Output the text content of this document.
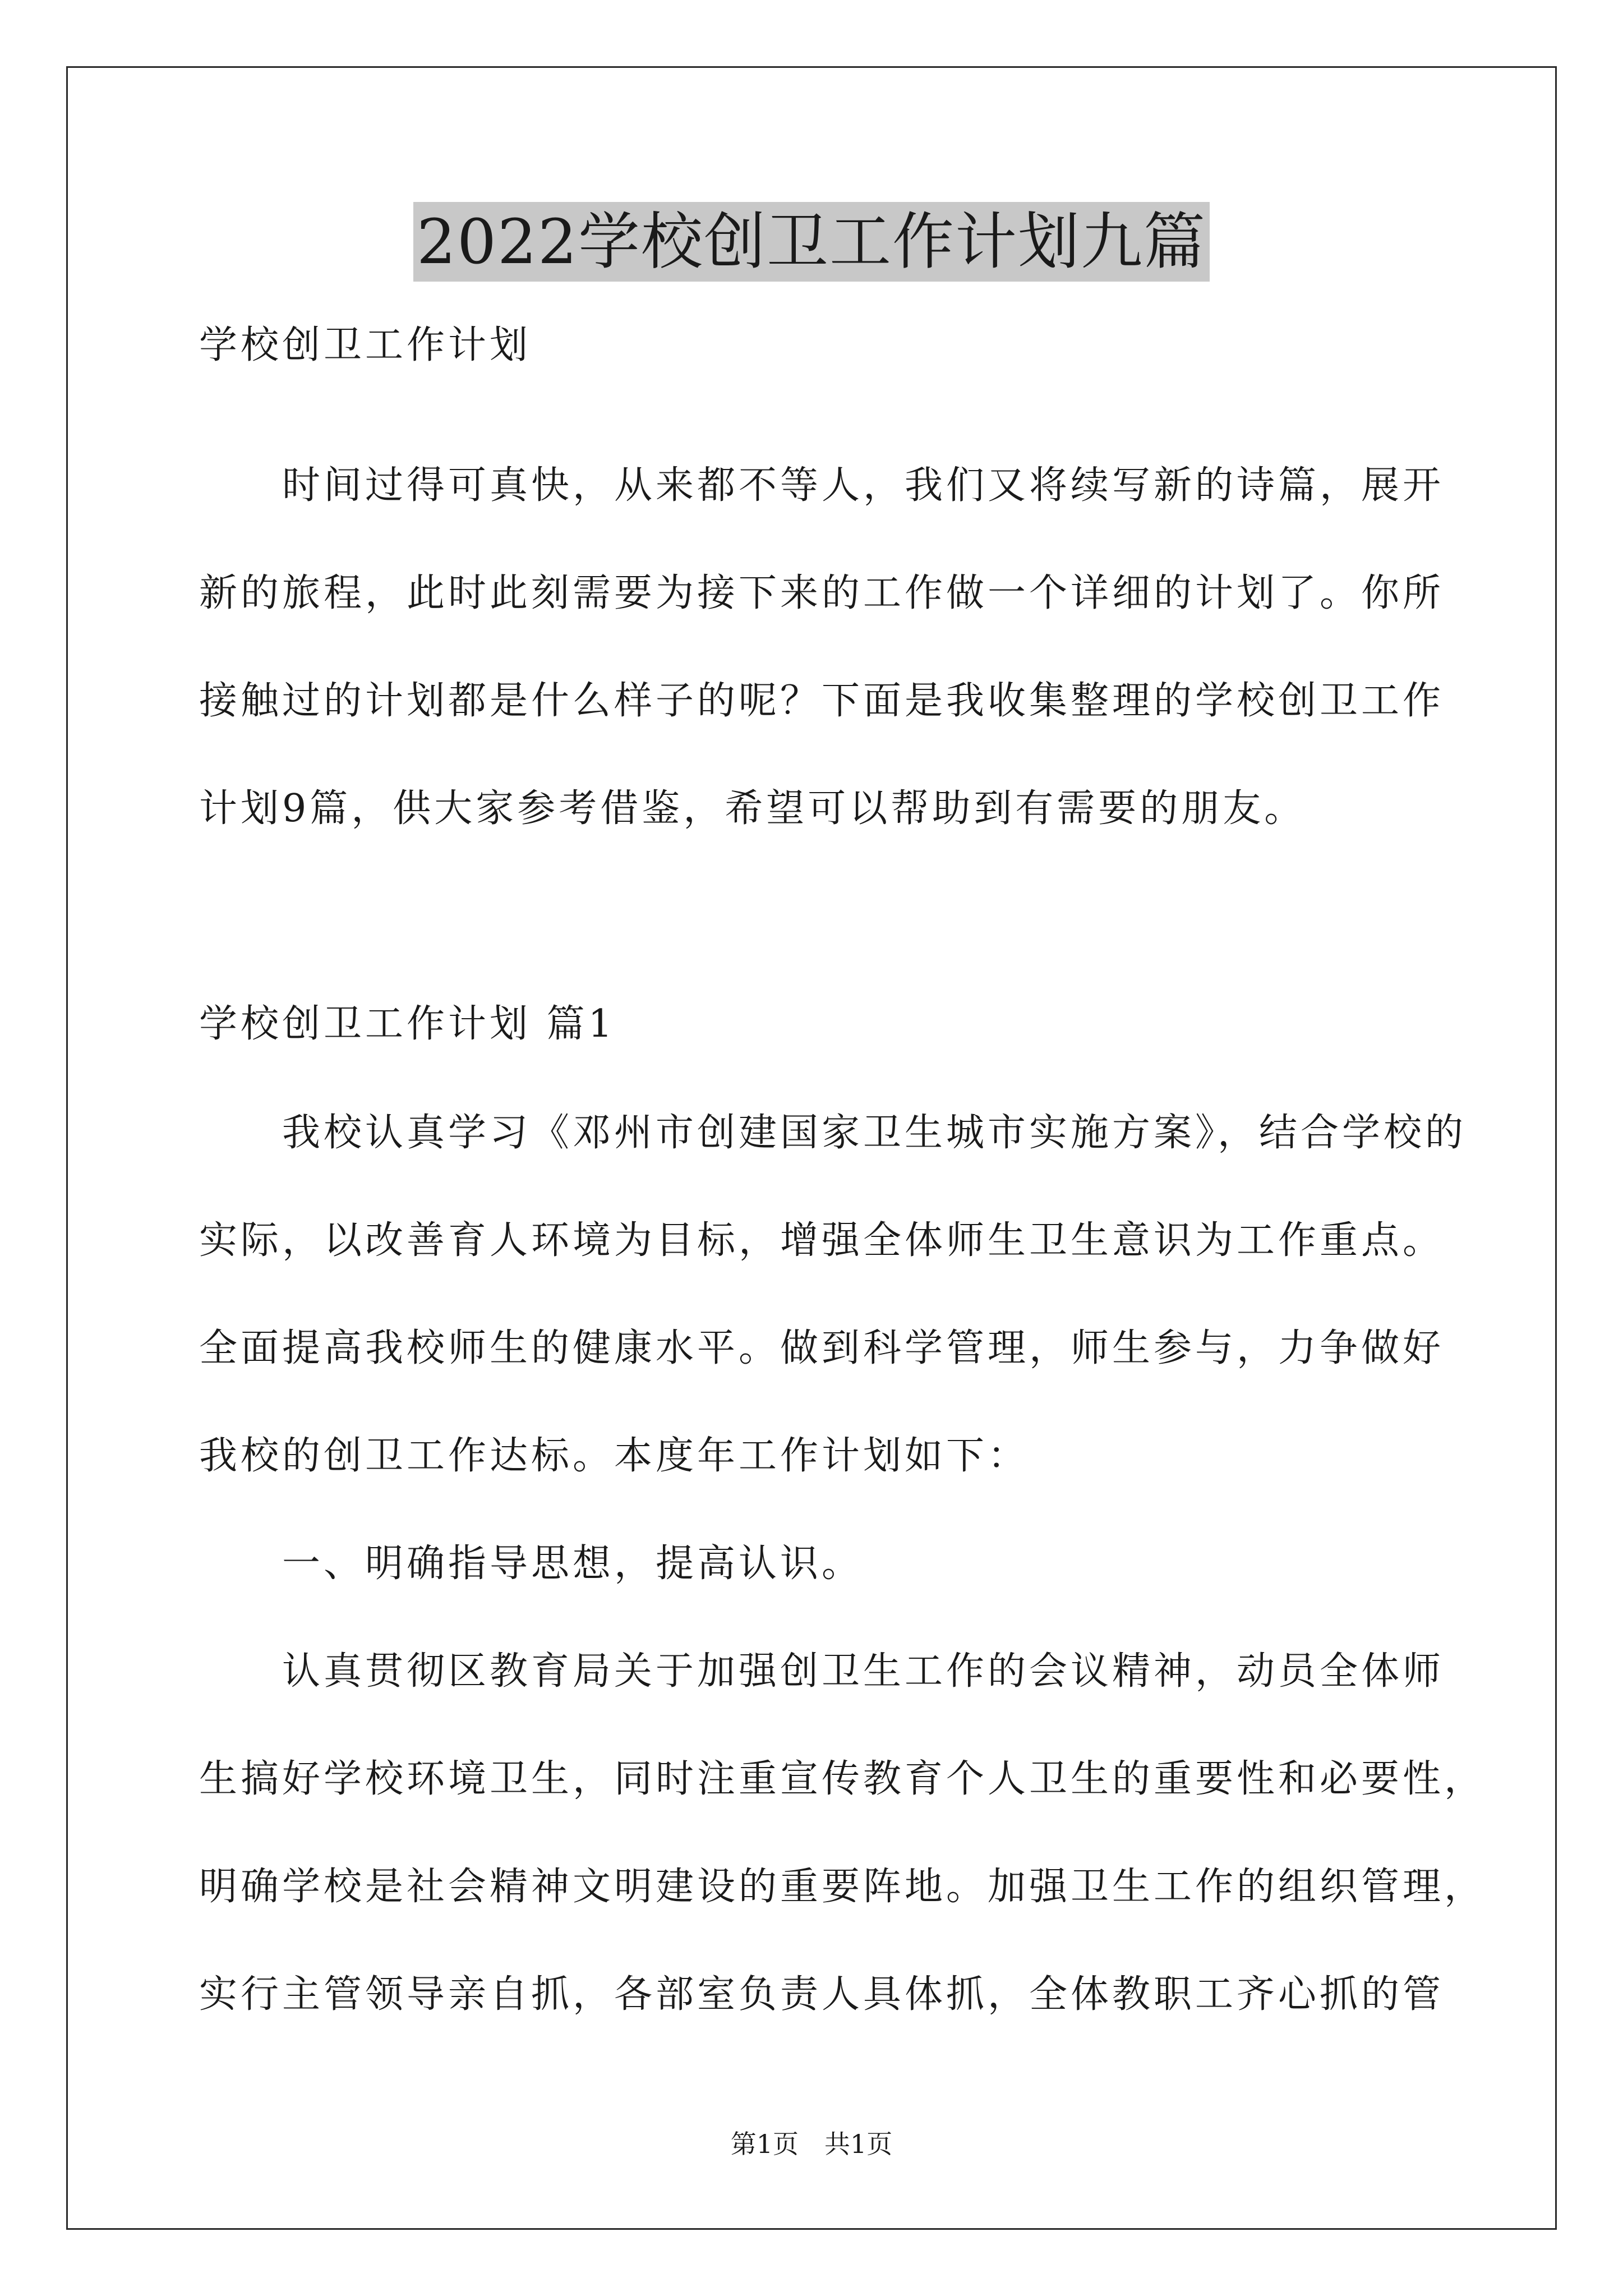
2022学校创卫工作计划九篇
学校创卫工作计划
　　时间过得可真快，从来都不等人，我们又将续写新的诗篇，展开
新的旅程，此时此刻需要为接下来的工作做一个详细的计划了。你所
接触过的计划都是什么样子的呢？下面是我收集整理的学校创卫工作
计划9篇，供大家参考借鉴，希望可以帮助到有需要的朋友。
学校创卫工作计划 篇1
　　我校认真学习《邓州市创建国家卫生城市实施方案》，结合学校的
实际，以改善育人环境为目标，增强全体师生卫生意识为工作重点。
全面提高我校师生的健康水平。做到科学管理，师生参与，力争做好
我校的创卫工作达标。本度年工作计划如下：
　　一、明确指导思想，提高认识。
　　认真贯彻区教育局关于加强创卫生工作的会议精神，动员全体师
生搞好学校环境卫生，同时注重宣传教育个人卫生的重要性和必要性，
明确学校是社会精神文明建设的重要阵地。加强卫生工作的组织管理，
实行主管领导亲自抓，各部室负责人具体抓，全体教职工齐心抓的管
第1页　共1页
